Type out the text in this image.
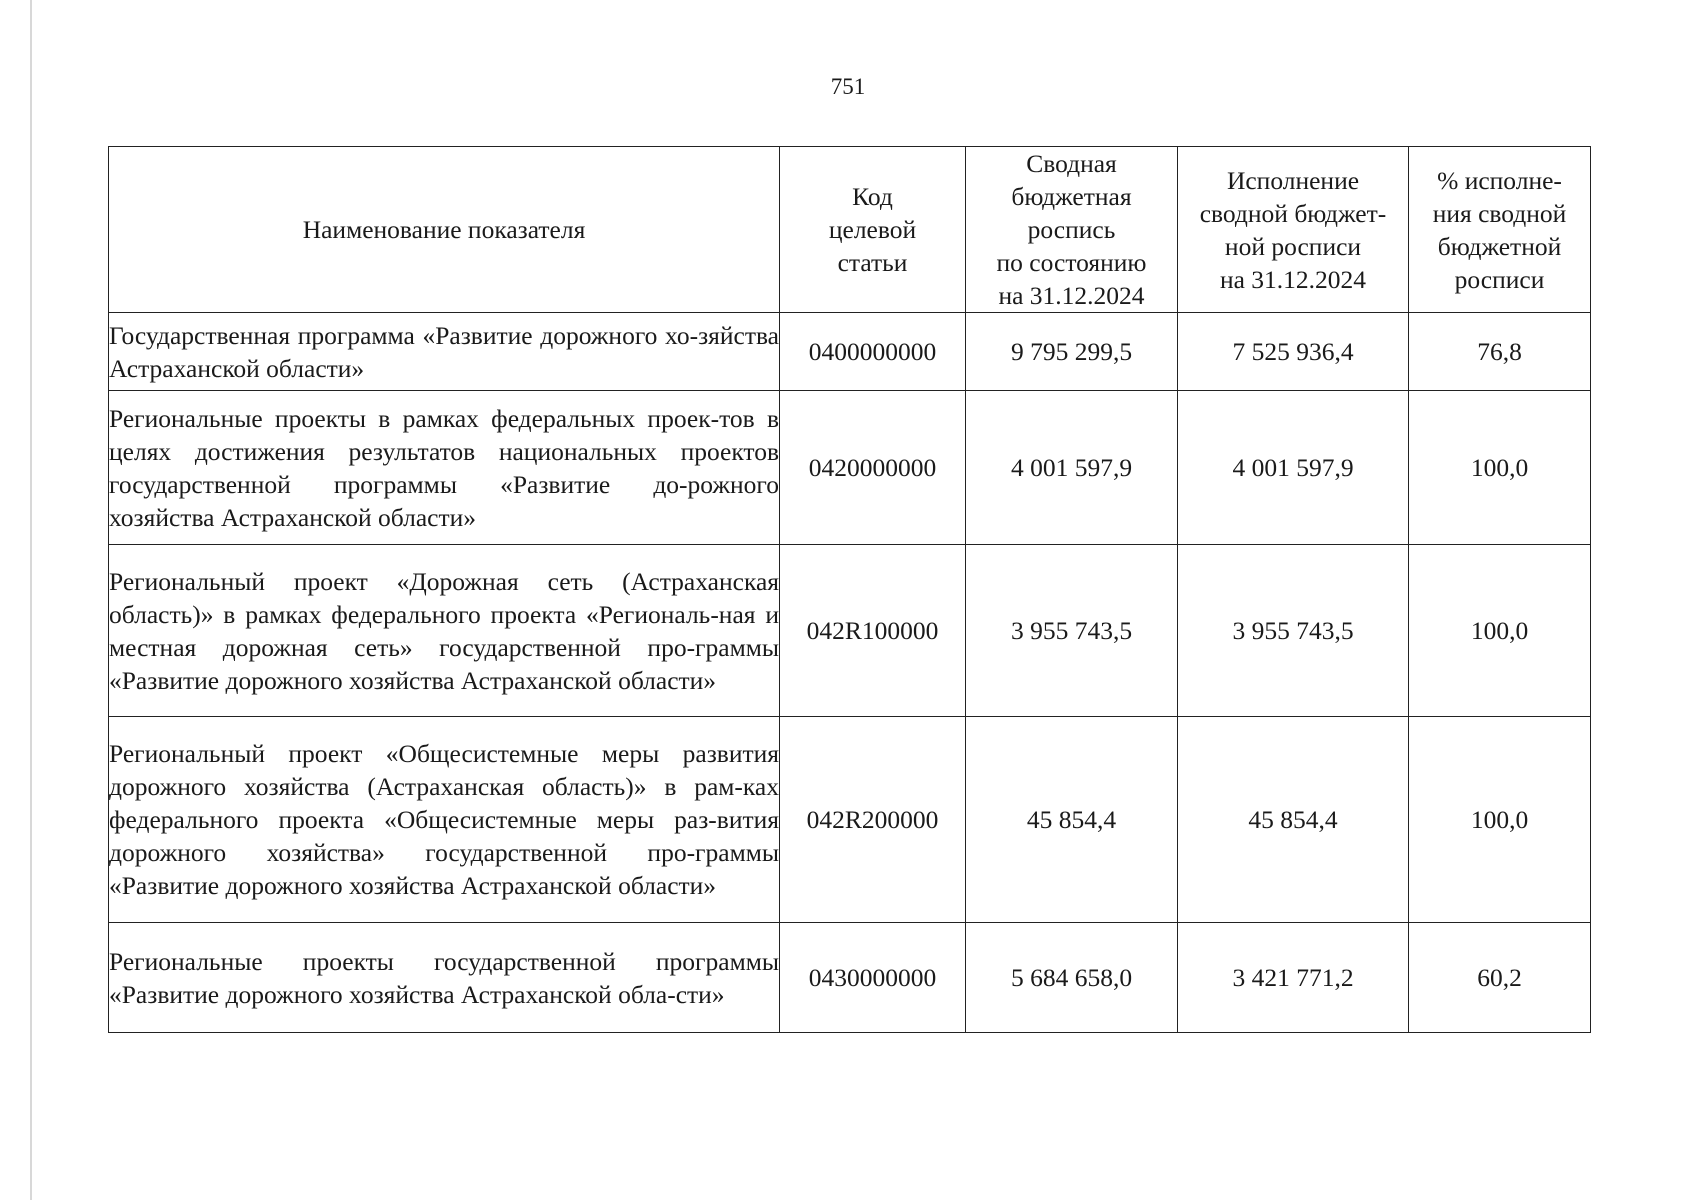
751
Наименование показателя	Код
целевой
статьи	Сводная
бюджетная
роспись
по состоянию
на 31.12.2024	Исполнение
сводной бюджет-
ной росписи
на 31.12.2024	% исполне-
ния сводной
бюджетной
росписи

Государственная программа «Развитие дорожного хо-зяйства Астраханской области»	0400000000	9 795 299,5	7 525 936,4	76,8
Региональные проекты в рамках федеральных проек-тов в целях достижения результатов национальных проектов государственной программы «Развитие до-рожного хозяйства Астраханской области»	0420000000	4 001 597,9	4 001 597,9	100,0
Региональный проект «Дорожная сеть (Астраханская область)» в рамках федерального проекта «Региональ-ная и местная дорожная сеть» государственной про-граммы «Развитие дорожного хозяйства Астраханской области»	042R100000	3 955 743,5	3 955 743,5	100,0
Региональный проект «Общесистемные меры развития дорожного хозяйства (Астраханская область)» в рам-ках федерального проекта «Общесистемные меры раз-вития дорожного хозяйства» государственной про-граммы «Развитие дорожного хозяйства Астраханской области»	042R200000	45 854,4	45 854,4	100,0
Региональные проекты государственной программы «Развитие дорожного хозяйства Астраханской обла-сти»	0430000000	5 684 658,0	3 421 771,2	60,2
